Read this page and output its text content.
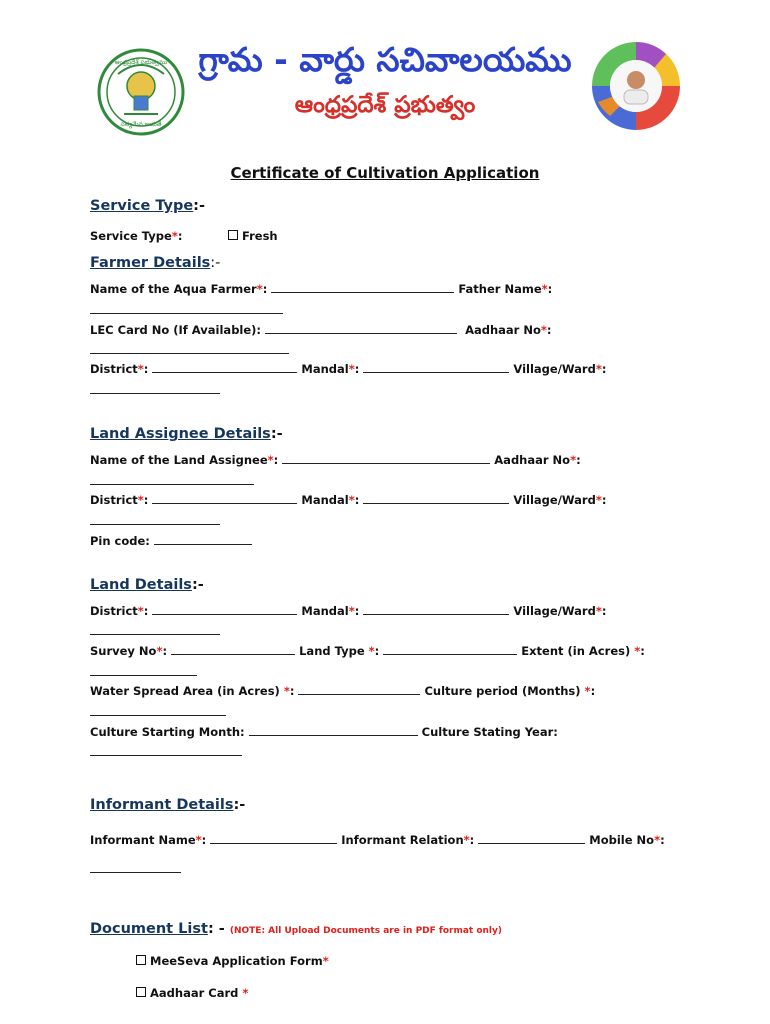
ఆంధ్రప్రదేశ్ ప్రభుత్వము
సత్యమేవ జయతే
గ్రామ - వార్డు సచివాలయము
ఆంధ్రప్రదేశ్ ప్రభుత్వం
Certificate of Cultivation Application
Service Type:-
Service Type*:	Fresh
Farmer Details:-
Name of the Aqua Farmer*:	Father Name*:
LEC Card No (If Available):	Aadhaar No*:
District*:	Mandal*:	Village/Ward*:
Land Assignee Details:-
Name of the Land Assignee*:	Aadhaar No*:
District*:	Mandal*:	Village/Ward*:
Pin code:
Land Details:-
District*:	Mandal*:	Village/Ward*:
Survey No*:	Land Type *:	Extent (in Acres) *:
Water Spread Area (in Acres) *:	Culture period (Months) *:
Culture Starting Month:	Culture Stating Year:
Informant Details:-
Informant Name*:	Informant Relation*:	Mobile No*:
Document List: - (NOTE: All Upload Documents are in PDF format only)
MeeSeva Application Form*
Aadhaar Card *
